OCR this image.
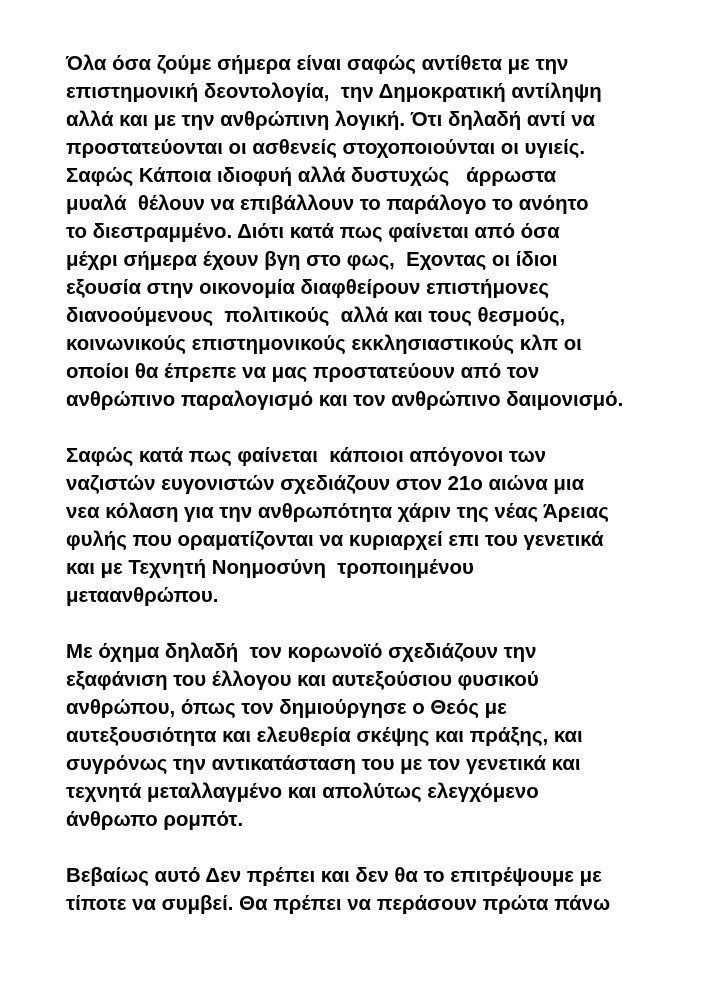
Όλα όσα ζούμε σήμερα είναι σαφώς αντίθετα με την
επιστημονική δεοντολογία,  την Δημοκρατική αντίληψη
αλλά και με την ανθρώπινη λογική. Ότι δηλαδή αντί να
προστατεύονται οι ασθενείς στοχοποιούνται οι υγιείς.
Σαφώς Κάποια ιδιοφυή αλλά δυστυχώς   άρρωστα
μυαλά  θέλουν να επιβάλλουν το παράλογο το ανόητο
το διεστραμμένο. Διότι κατά πως φαίνεται από όσα
μέχρι σήμερα έχουν βγη στο φως,  Εχοντας οι ίδιοι
εξουσία στην οικονομία διαφθείρουν επιστήμονες
διανοούμενους  πολιτικούς  αλλά και τους θεσμούς,
κοινωνικούς επιστημονικούς εκκλησιαστικούς κλπ οι
οποίοι θα έπρεπε να μας προστατεύουν από τον
ανθρώπινο παραλογισμό και τον ανθρώπινο δαιμονισμό.
Σαφώς κατά πως φαίνεται  κάποιοι απόγονοι των
ναζιστών ευγονιστών σχεδιάζουν στον 21ο αιώνα μια
νεα κόλαση για την ανθρωπότητα χάριν της νέας Άρειας
φυλής που οραματίζονται να κυριαρχεί επι του γενετικά
και με Τεχνητή Νοημοσύνη  τροποιημένου
μεταανθρώπου.
Με όχημα δηλαδή  τον κορωνοϊό σχεδιάζουν την
εξαφάνιση του έλλογου και αυτεξούσιου φυσικού
ανθρώπου, όπως τον δημιούργησε ο Θεός με
αυτεξουσιότητα και ελευθερία σκέψης και πράξης, και
συγρόνως την αντικατάσταση του με τον γενετικά και
τεχνητά μεταλλαγμένο και απολύτως ελεγχόμενο
άνθρωπο ρομπότ.
Βεβαίως αυτό Δεν πρέπει και δεν θα το επιτρέψουμε με
τίποτε να συμβεί. Θα πρέπει να περάσουν πρώτα πάνω
